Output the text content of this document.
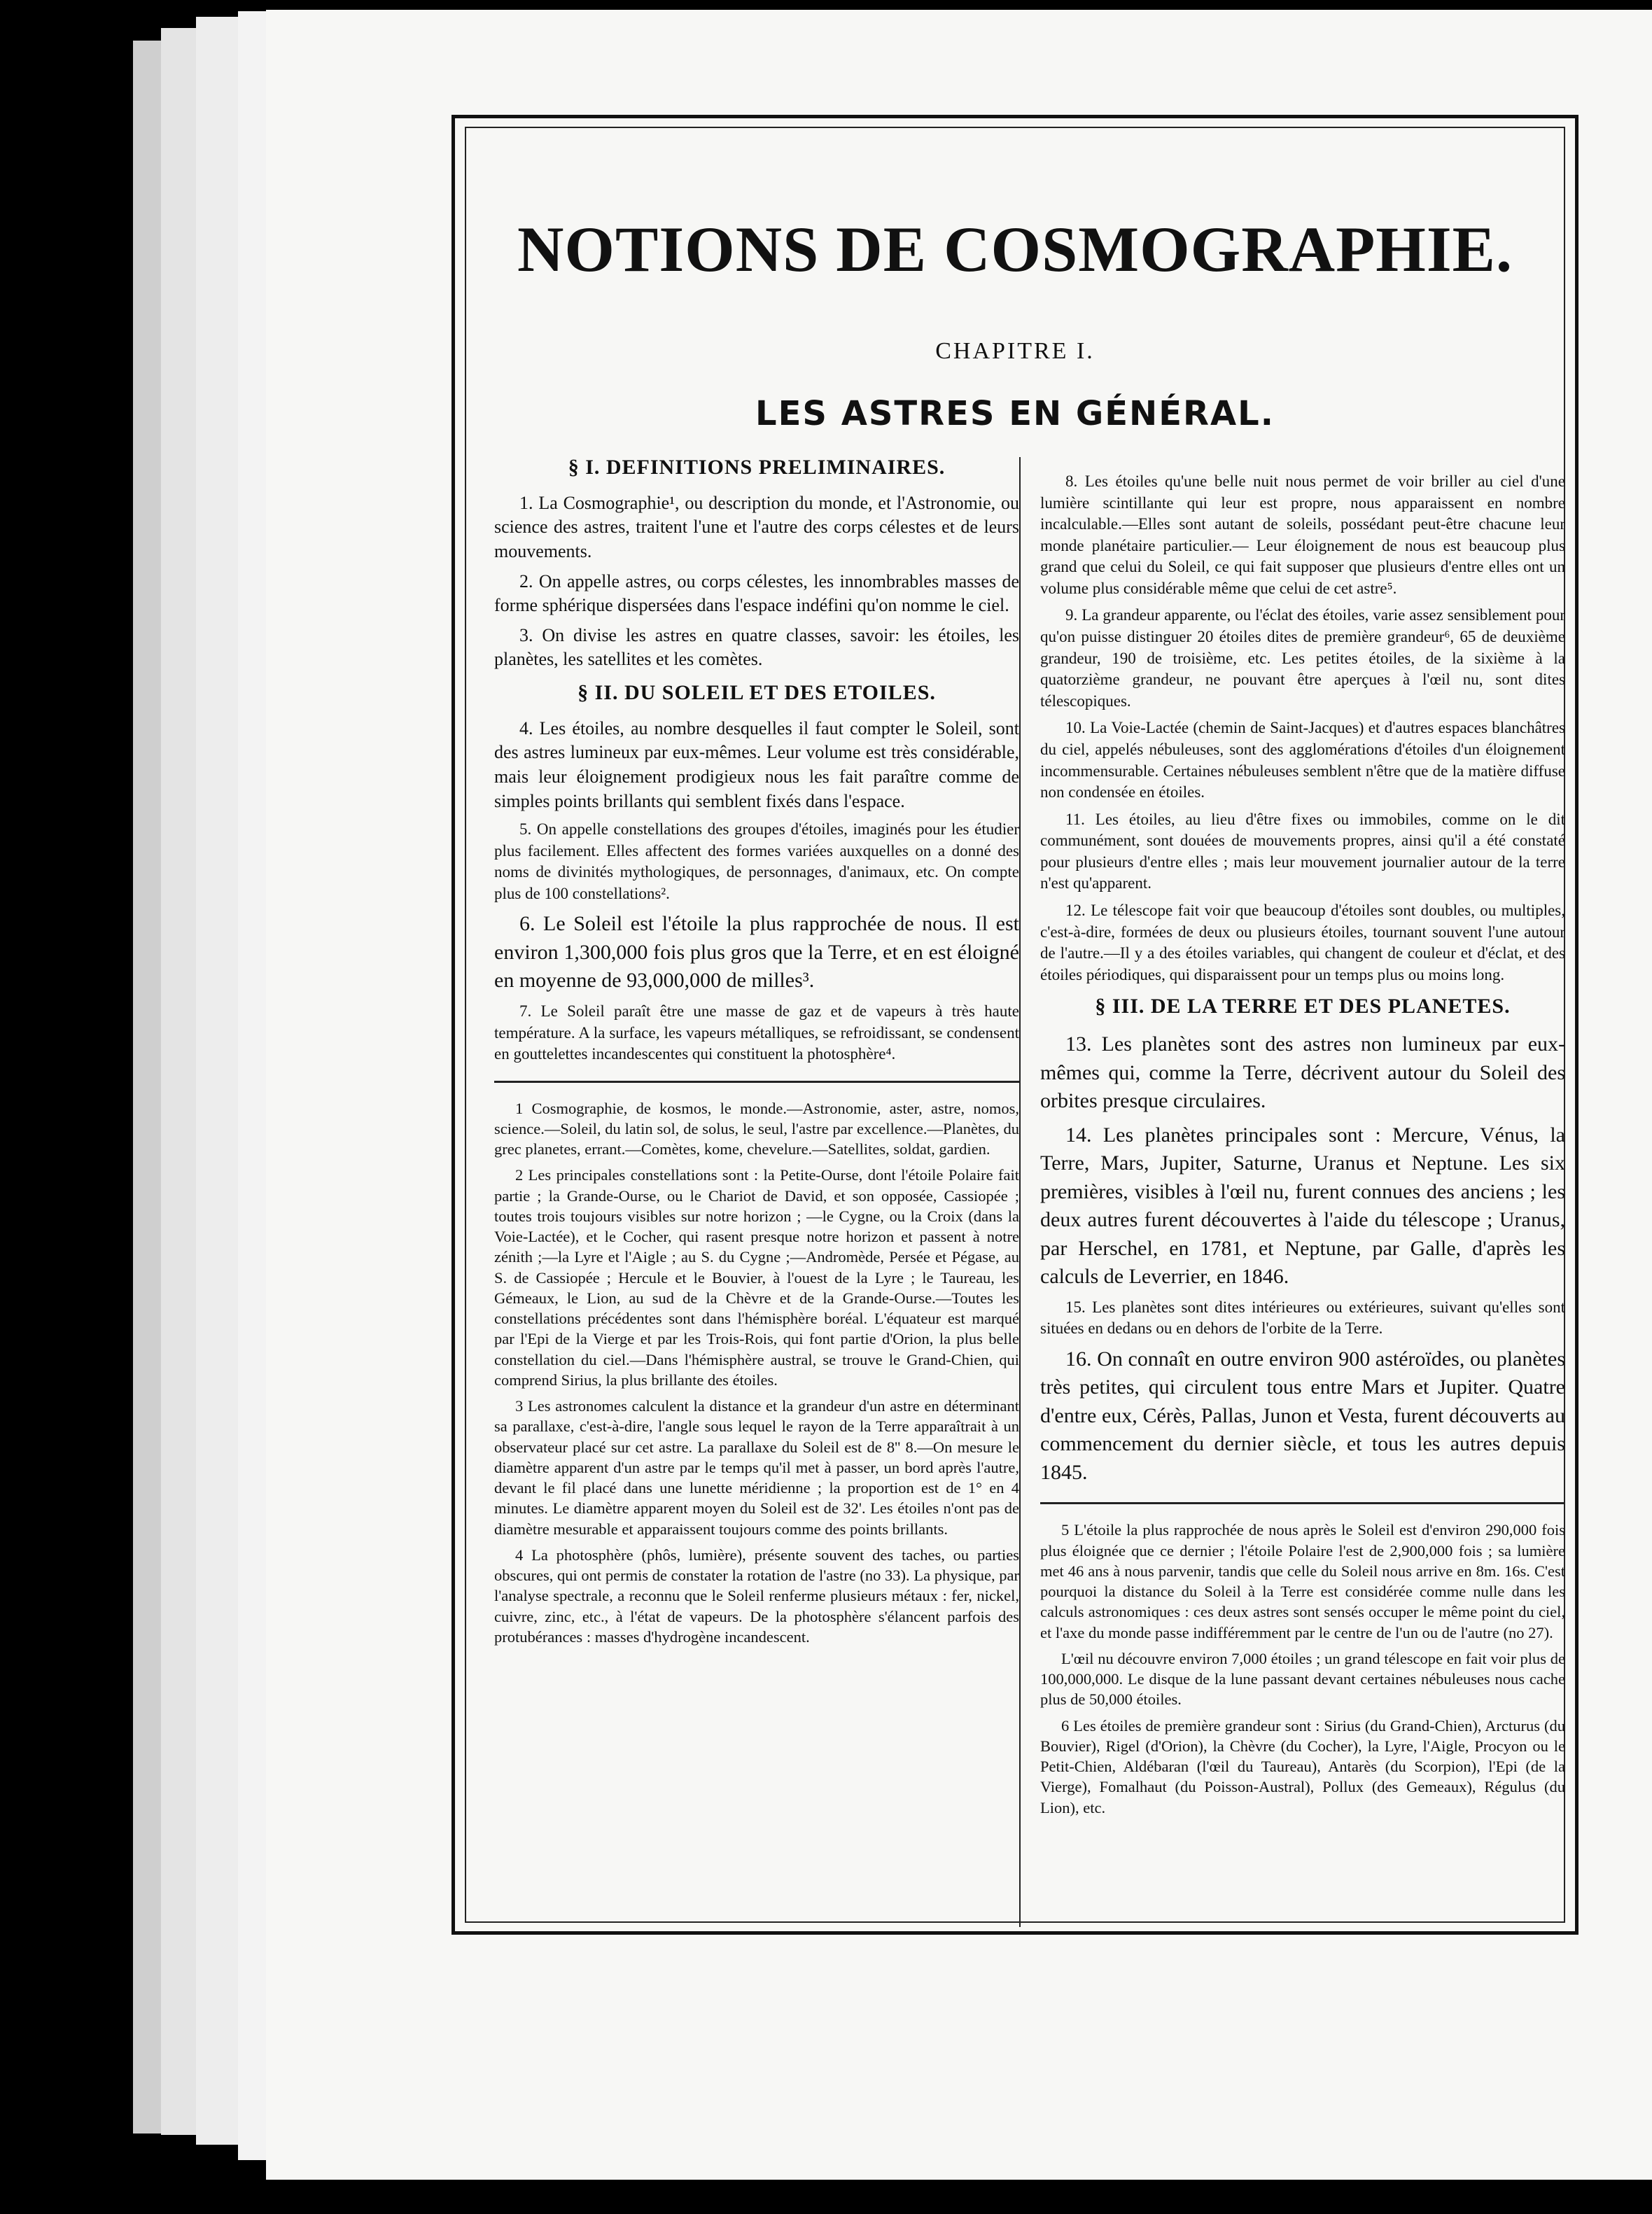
NOTIONS DE COSMOGRAPHIE.
CHAPITRE I.
LES ASTRES EN GÉNÉRAL.
§ I. DEFINITIONS PRELIMINAIRES.

1. La Cosmographie¹, ou description du monde, et l'Astronomie, ou science des astres, traitent l'une et l'autre des corps célestes et de leurs mouvements.

2. On appelle astres, ou corps célestes, les innombrables masses de forme sphérique dispersées dans l'espace indéfini qu'on nomme le ciel.

3. On divise les astres en quatre classes, savoir: les étoiles, les planètes, les satellites et les comètes.

§ II. DU SOLEIL ET DES ETOILES.

4. Les étoiles, au nombre desquelles il faut compter le Soleil, sont des astres lumineux par eux-mêmes. Leur volume est très considérable, mais leur éloignement prodigieux nous les fait paraître comme de simples points brillants qui semblent fixés dans l'espace.

5. On appelle constellations des groupes d'étoiles, imaginés pour les étudier plus facilement. Elles affectent des formes variées auxquelles on a donné des noms de divinités mythologiques, de personnages, d'animaux, etc. On compte plus de 100 constellations².

6. Le Soleil est l'étoile la plus rapprochée de nous. Il est environ 1,300,000 fois plus gros que la Terre, et en est éloigné en moyenne de 93,000,000 de milles³.

7. Le Soleil paraît être une masse de gaz et de vapeurs à très haute température. A la surface, les vapeurs métalliques, se refroidissant, se condensent en gouttelettes incandescentes qui constituent la photosphère⁴.

1 Cosmographie, de kosmos, le monde.—Astronomie, aster, astre, nomos, science.—Soleil, du latin sol, de solus, le seul, l'astre par excellence.—Planètes, du grec planetes, errant.—Comètes, kome, chevelure.—Satellites, soldat, gardien.

2 Les principales constellations sont : la Petite-Ourse, dont l'étoile Polaire fait partie ; la Grande-Ourse, ou le Chariot de David, et son opposée, Cassiopée ; toutes trois toujours visibles sur notre horizon ; —le Cygne, ou la Croix (dans la Voie-Lactée), et le Cocher, qui rasent presque notre horizon et passent à notre zénith ;—la Lyre et l'Aigle ; au S. du Cygne ;—Andromède, Persée et Pégase, au S. de Cassiopée ; Hercule et le Bouvier, à l'ouest de la Lyre ; le Taureau, les Gémeaux, le Lion, au sud de la Chèvre et de la Grande-Ourse.—Toutes les constellations précédentes sont dans l'hémisphère boréal. L'équateur est marqué par l'Epi de la Vierge et par les Trois-Rois, qui font partie d'Orion, la plus belle constellation du ciel.—Dans l'hémisphère austral, se trouve le Grand-Chien, qui comprend Sirius, la plus brillante des étoiles.

3 Les astronomes calculent la distance et la grandeur d'un astre en déterminant sa parallaxe, c'est-à-dire, l'angle sous lequel le rayon de la Terre apparaîtrait à un observateur placé sur cet astre. La parallaxe du Soleil est de 8'' 8.—On mesure le diamètre apparent d'un astre par le temps qu'il met à passer, un bord après l'autre, devant le fil placé dans une lunette méridienne ; la proportion est de 1° en 4 minutes. Le diamètre apparent moyen du Soleil est de 32'. Les étoiles n'ont pas de diamètre mesurable et apparaissent toujours comme des points brillants.

4 La photosphère (phôs, lumière), présente souvent des taches, ou parties obscures, qui ont permis de constater la rotation de l'astre (no 33). La physique, par l'analyse spectrale, a reconnu que le Soleil renferme plusieurs métaux : fer, nickel, cuivre, zinc, etc., à l'état de vapeurs. De la photosphère s'élancent parfois des protubérances : masses d'hydrogène incandescent.

8. Les étoiles qu'une belle nuit nous permet de voir briller au ciel d'une lumière scintillante qui leur est propre, nous apparaissent en nombre incalculable.—Elles sont autant de soleils, possédant peut-être chacune leur monde planétaire particulier.— Leur éloignement de nous est beaucoup plus grand que celui du Soleil, ce qui fait supposer que plusieurs d'entre elles ont un volume plus considérable même que celui de cet astre⁵.

9. La grandeur apparente, ou l'éclat des étoiles, varie assez sensiblement pour qu'on puisse distinguer 20 étoiles dites de première grandeur⁶, 65 de deuxième grandeur, 190 de troisième, etc. Les petites étoiles, de la sixième à la quatorzième grandeur, ne pouvant être aperçues à l'œil nu, sont dites télescopiques.

10. La Voie-Lactée (chemin de Saint-Jacques) et d'autres espaces blanchâtres du ciel, appelés nébuleuses, sont des agglomérations d'étoiles d'un éloignement incommensurable. Certaines nébuleuses semblent n'être que de la matière diffuse non condensée en étoiles.

11. Les étoiles, au lieu d'être fixes ou immobiles, comme on le dit communément, sont douées de mouvements propres, ainsi qu'il a été constaté pour plusieurs d'entre elles ; mais leur mouvement journalier autour de la terre n'est qu'apparent.

12. Le télescope fait voir que beaucoup d'étoiles sont doubles, ou multiples, c'est-à-dire, formées de deux ou plusieurs étoiles, tournant souvent l'une autour de l'autre.—Il y a des étoiles variables, qui changent de couleur et d'éclat, et des étoiles périodiques, qui disparaissent pour un temps plus ou moins long.

§ III. DE LA TERRE ET DES PLANETES.

13. Les planètes sont des astres non lumineux par eux-mêmes qui, comme la Terre, décrivent autour du Soleil des orbites presque circulaires.

14. Les planètes principales sont : Mercure, Vénus, la Terre, Mars, Jupiter, Saturne, Uranus et Neptune. Les six premières, visibles à l'œil nu, furent connues des anciens ; les deux autres furent découvertes à l'aide du télescope ; Uranus, par Herschel, en 1781, et Neptune, par Galle, d'après les calculs de Leverrier, en 1846.

15. Les planètes sont dites intérieures ou extérieures, suivant qu'elles sont situées en dedans ou en dehors de l'orbite de la Terre.

16. On connaît en outre environ 900 astéroïdes, ou planètes très petites, qui circulent tous entre Mars et Jupiter. Quatre d'entre eux, Cérès, Pallas, Junon et Vesta, furent découverts au commencement du dernier siècle, et tous les autres depuis 1845.

5 L'étoile la plus rapprochée de nous après le Soleil est d'environ 290,000 fois plus éloignée que ce dernier ; l'étoile Polaire l'est de 2,900,000 fois ; sa lumière met 46 ans à nous parvenir, tandis que celle du Soleil nous arrive en 8m. 16s. C'est pourquoi la distance du Soleil à la Terre est considérée comme nulle dans les calculs astronomiques : ces deux astres sont sensés occuper le même point du ciel, et l'axe du monde passe indifféremment par le centre de l'un ou de l'autre (no 27).

L'œil nu découvre environ 7,000 étoiles ; un grand télescope en fait voir plus de 100,000,000. Le disque de la lune passant devant certaines nébuleuses nous cache plus de 50,000 étoiles.

6 Les étoiles de première grandeur sont : Sirius (du Grand-Chien), Arcturus (du Bouvier), Rigel (d'Orion), la Chèvre (du Cocher), la Lyre, l'Aigle, Procyon ou le Petit-Chien, Aldébaran (l'œil du Taureau), Antarès (du Scorpion), l'Epi (de la Vierge), Fomalhaut (du Poisson-Austral), Pollux (des Gemeaux), Régulus (du Lion), etc.
